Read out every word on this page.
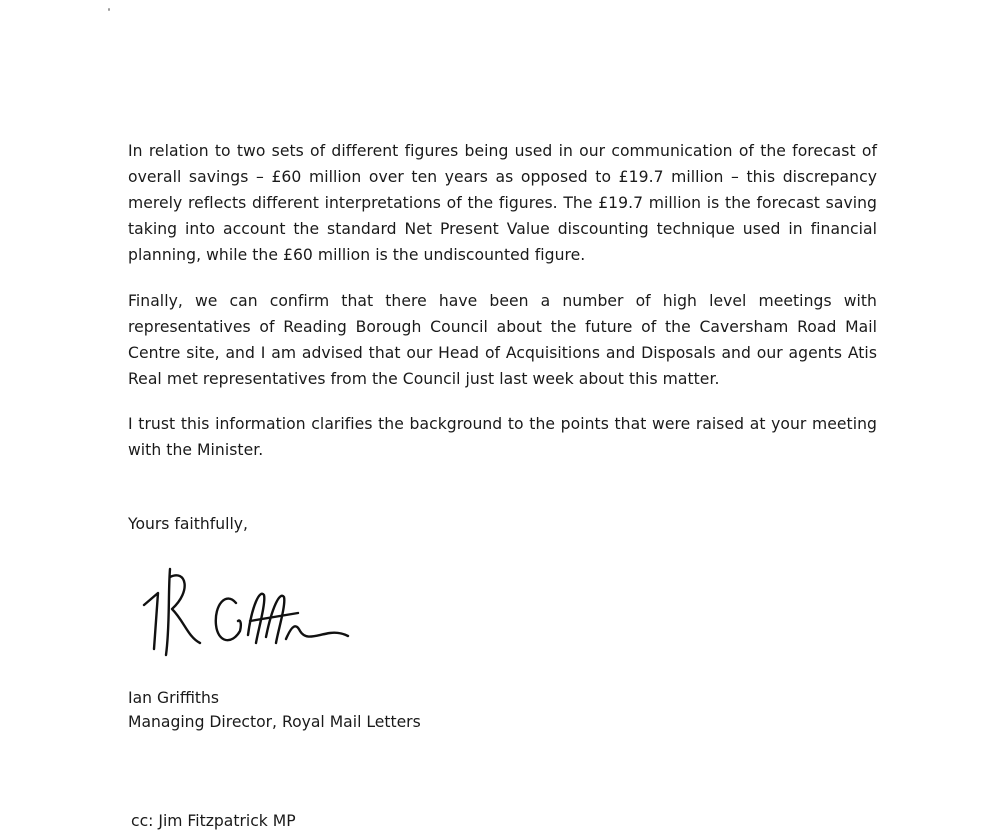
In relation to two sets of different figures being used in our communication of the forecast of overall savings – £60 million over ten years as opposed to £19.7 million – this discrepancy merely reflects different interpretations of the figures. The £19.7 million is the forecast saving taking into account the standard Net Present Value discounting technique used in financial planning, while the £60 million is the undiscounted figure.

Finally, we can confirm that there have been a number of high level meetings with representatives of Reading Borough Council about the future of the Caversham Road Mail Centre site, and I am advised that our Head of Acquisitions and Disposals and our agents Atis Real met representatives from the Council just last week about this matter.

I trust this information clarifies the background to the points that were raised at your meeting with the Minister.

Yours faithfully,

Ian Griffiths

Managing Director, Royal Mail Letters

cc: Jim Fitzpatrick MP
